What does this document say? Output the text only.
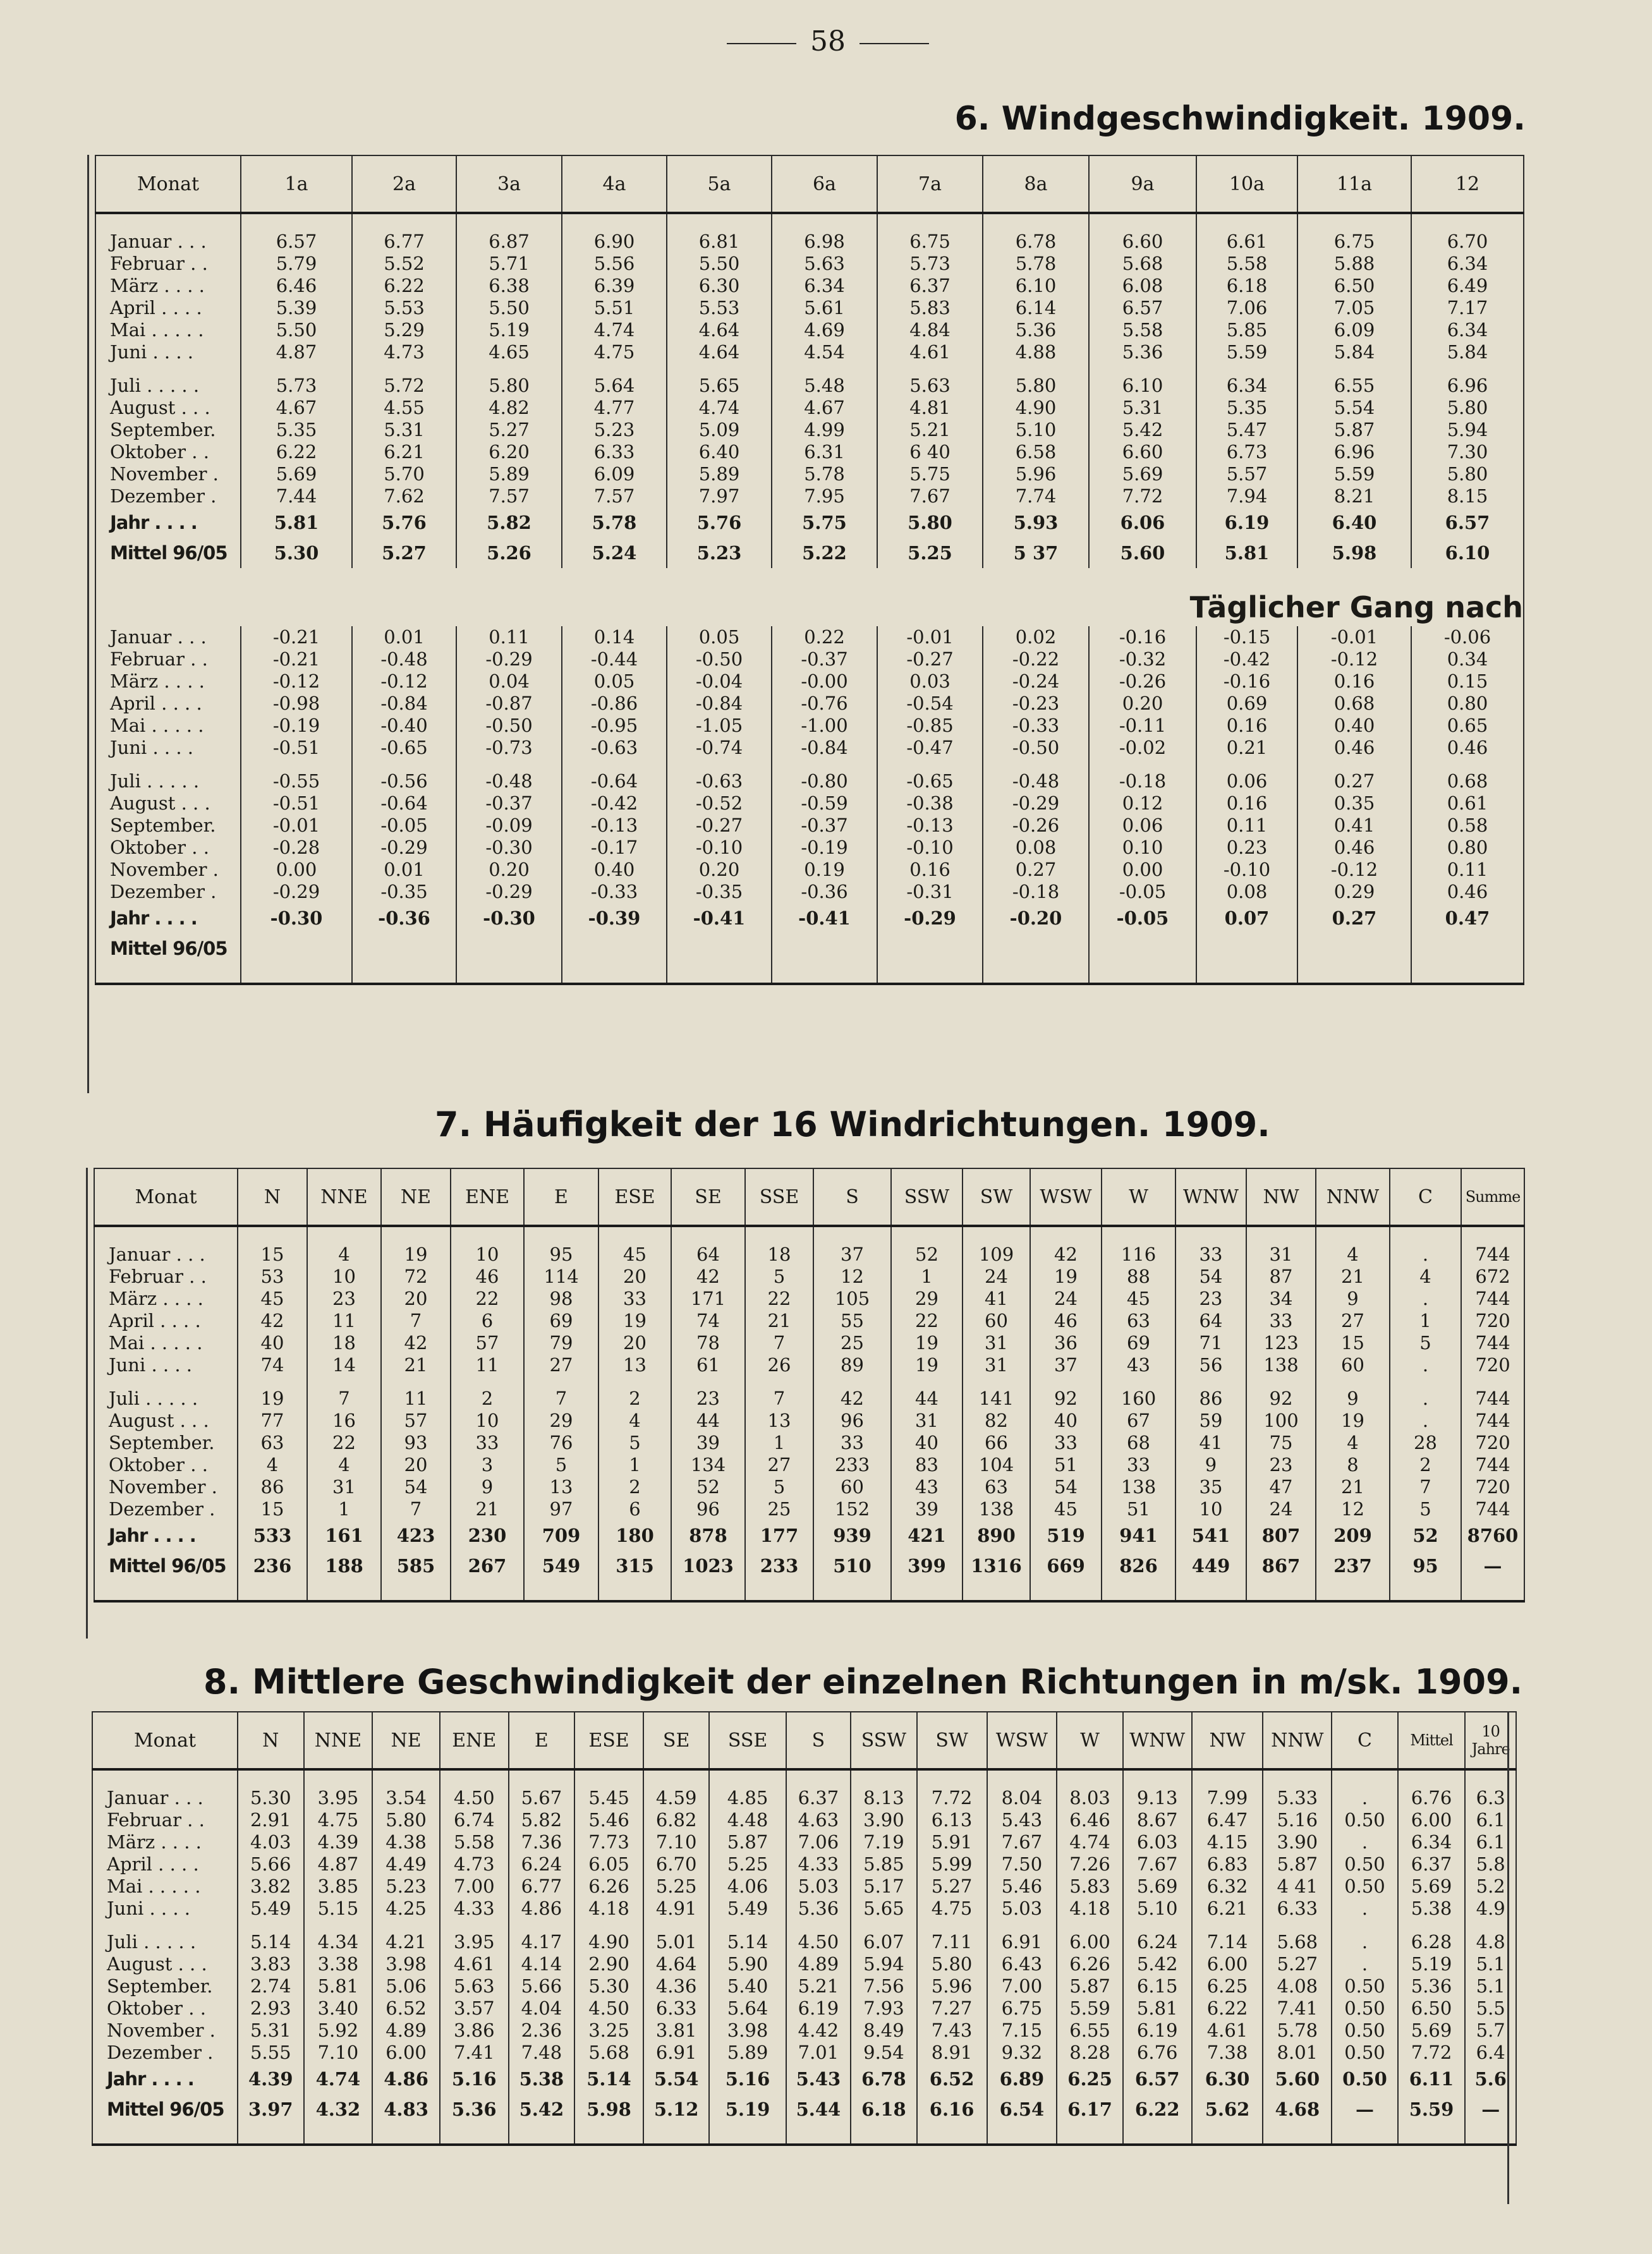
58
6. Windgeschwindigkeit. 1909.
Monat	1a	2a	3a	4a	5a	6a	7a	8a	9a	10a	11a	12

Januar . . .	6.57	6.77	6.87	6.90	6.81	6.98	6.75	6.78	6.60	6.61	6.75	6.70
Februar . .	5.79	5.52	5.71	5.56	5.50	5.63	5.73	5.78	5.68	5.58	5.88	6.34
März . . . .	6.46	6.22	6.38	6.39	6.30	6.34	6.37	6.10	6.08	6.18	6.50	6.49
April . . . .	5.39	5.53	5.50	5.51	5.53	5.61	5.83	6.14	6.57	7.06	7.05	7.17
Mai . . . . .	5.50	5.29	5.19	4.74	4.64	4.69	4.84	5.36	5.58	5.85	6.09	6.34
Juni . . . .	4.87	4.73	4.65	4.75	4.64	4.54	4.61	4.88	5.36	5.59	5.84	5.84

Juli . . . . .	5.73	5.72	5.80	5.64	5.65	5.48	5.63	5.80	6.10	6.34	6.55	6.96
August . . .	4.67	4.55	4.82	4.77	4.74	4.67	4.81	4.90	5.31	5.35	5.54	5.80
September.	5.35	5.31	5.27	5.23	5.09	4.99	5.21	5.10	5.42	5.47	5.87	5.94
Oktober . .	6.22	6.21	6.20	6.33	6.40	6.31	6 40	6.58	6.60	6.73	6.96	7.30
November .	5.69	5.70	5.89	6.09	5.89	5.78	5.75	5.96	5.69	5.57	5.59	5.80
Dezember .	7.44	7.62	7.57	7.57	7.97	7.95	7.67	7.74	7.72	7.94	8.21	8.15
Jahr . . . .	5.81	5.76	5.82	5.78	5.76	5.75	5.80	5.93	6.06	6.19	6.40	6.57
Mittel 96/05	5.30	5.27	5.26	5.24	5.23	5.22	5.25	5 37	5.60	5.81	5.98	6.10

Täglicher Gang nach												

Januar . . .	-0.21	0.01	0.11	0.14	0.05	0.22	-0.01	0.02	-0.16	-0.15	-0.01	-0.06
Februar . .	-0.21	-0.48	-0.29	-0.44	-0.50	-0.37	-0.27	-0.22	-0.32	-0.42	-0.12	0.34
März . . . .	-0.12	-0.12	0.04	0.05	-0.04	-0.00	0.03	-0.24	-0.26	-0.16	0.16	0.15
April . . . .	-0.98	-0.84	-0.87	-0.86	-0.84	-0.76	-0.54	-0.23	0.20	0.69	0.68	0.80
Mai . . . . .	-0.19	-0.40	-0.50	-0.95	-1.05	-1.00	-0.85	-0.33	-0.11	0.16	0.40	0.65
Juni . . . .	-0.51	-0.65	-0.73	-0.63	-0.74	-0.84	-0.47	-0.50	-0.02	0.21	0.46	0.46

Juli . . . . .	-0.55	-0.56	-0.48	-0.64	-0.63	-0.80	-0.65	-0.48	-0.18	0.06	0.27	0.68
August . . .	-0.51	-0.64	-0.37	-0.42	-0.52	-0.59	-0.38	-0.29	0.12	0.16	0.35	0.61
September.	-0.01	-0.05	-0.09	-0.13	-0.27	-0.37	-0.13	-0.26	0.06	0.11	0.41	0.58
Oktober . .	-0.28	-0.29	-0.30	-0.17	-0.10	-0.19	-0.10	0.08	0.10	0.23	0.46	0.80
November .	0.00	0.01	0.20	0.40	0.20	0.19	0.16	0.27	0.00	-0.10	-0.12	0.11
Dezember .	-0.29	-0.35	-0.29	-0.33	-0.35	-0.36	-0.31	-0.18	-0.05	0.08	0.29	0.46
Jahr . . . .	-0.30	-0.36	-0.30	-0.39	-0.41	-0.41	-0.29	-0.20	-0.05	0.07	0.27	0.47
Mittel 96/05												

7. Häufigkeit der 16 Windrichtungen. 1909.
Monat	N	NNE	NE	ENE	E	ESE	SE	SSE	S	SSW	SW	WSW	W	WNW	NW	NNW	C	Summe

Januar . . .	15	4	19	10	95	45	64	18	37	52	109	42	116	33	31	4	.	744
Februar . .	53	10	72	46	114	20	42	5	12	1	24	19	88	54	87	21	4	672
März . . . .	45	23	20	22	98	33	171	22	105	29	41	24	45	23	34	9	.	744
April . . . .	42	11	7	6	69	19	74	21	55	22	60	46	63	64	33	27	1	720
Mai . . . . .	40	18	42	57	79	20	78	7	25	19	31	36	69	71	123	15	5	744
Juni . . . .	74	14	21	11	27	13	61	26	89	19	31	37	43	56	138	60	.	720

Juli . . . . .	19	7	11	2	7	2	23	7	42	44	141	92	160	86	92	9	.	744
August . . .	77	16	57	10	29	4	44	13	96	31	82	40	67	59	100	19	.	744
September.	63	22	93	33	76	5	39	1	33	40	66	33	68	41	75	4	28	720
Oktober . .	4	4	20	3	5	1	134	27	233	83	104	51	33	9	23	8	2	744
November .	86	31	54	9	13	2	52	5	60	43	63	54	138	35	47	21	7	720
Dezember .	15	1	7	21	97	6	96	25	152	39	138	45	51	10	24	12	5	744
Jahr . . . .	533	161	423	230	709	180	878	177	939	421	890	519	941	541	807	209	52	8760
Mittel 96/05	236	188	585	267	549	315	1023	233	510	399	1316	669	826	449	867	237	95	—

8. Mittlere Geschwindigkeit der einzelnen Richtungen in m/sk. 1909.
Monat	N	NNE	NE	ENE	E	ESE	SE	SSE	S	SSW	SW	WSW	W	WNW	NW	NNW	C	Mittel	10 Jahre

Januar . . .	5.30	3.95	3.54	4.50	5.67	5.45	4.59	4.85	6.37	8.13	7.72	8.04	8.03	9.13	7.99	5.33	.	6.76	6.3
Februar . .	2.91	4.75	5.80	6.74	5.82	5.46	6.82	4.48	4.63	3.90	6.13	5.43	6.46	8.67	6.47	5.16	0.50	6.00	6.1
März . . . .	4.03	4.39	4.38	5.58	7.36	7.73	7.10	5.87	7.06	7.19	5.91	7.67	4.74	6.03	4.15	3.90	.	6.34	6.1
April . . . .	5.66	4.87	4.49	4.73	6.24	6.05	6.70	5.25	4.33	5.85	5.99	7.50	7.26	7.67	6.83	5.87	0.50	6.37	5.8
Mai . . . . .	3.82	3.85	5.23	7.00	6.77	6.26	5.25	4.06	5.03	5.17	5.27	5.46	5.83	5.69	6.32	4 41	0.50	5.69	5.2
Juni . . . .	5.49	5.15	4.25	4.33	4.86	4.18	4.91	5.49	5.36	5.65	4.75	5.03	4.18	5.10	6.21	6.33	.	5.38	4.9

Juli . . . . .	5.14	4.34	4.21	3.95	4.17	4.90	5.01	5.14	4.50	6.07	7.11	6.91	6.00	6.24	7.14	5.68	.	6.28	4.8
August . . .	3.83	3.38	3.98	4.61	4.14	2.90	4.64	5.90	4.89	5.94	5.80	6.43	6.26	5.42	6.00	5.27	.	5.19	5.1
September.	2.74	5.81	5.06	5.63	5.66	5.30	4.36	5.40	5.21	7.56	5.96	7.00	5.87	6.15	6.25	4.08	0.50	5.36	5.1
Oktober . .	2.93	3.40	6.52	3.57	4.04	4.50	6.33	5.64	6.19	7.93	7.27	6.75	5.59	5.81	6.22	7.41	0.50	6.50	5.5
November .	5.31	5.92	4.89	3.86	2.36	3.25	3.81	3.98	4.42	8.49	7.43	7.15	6.55	6.19	4.61	5.78	0.50	5.69	5.7
Dezember .	5.55	7.10	6.00	7.41	7.48	5.68	6.91	5.89	7.01	9.54	8.91	9.32	8.28	6.76	7.38	8.01	0.50	7.72	6.4
Jahr . . . .	4.39	4.74	4.86	5.16	5.38	5.14	5.54	5.16	5.43	6.78	6.52	6.89	6.25	6.57	6.30	5.60	0.50	6.11	5.6
Mittel 96/05	3.97	4.32	4.83	5.36	5.42	5.98	5.12	5.19	5.44	6.18	6.16	6.54	6.17	6.22	5.62	4.68	—	5.59	—
